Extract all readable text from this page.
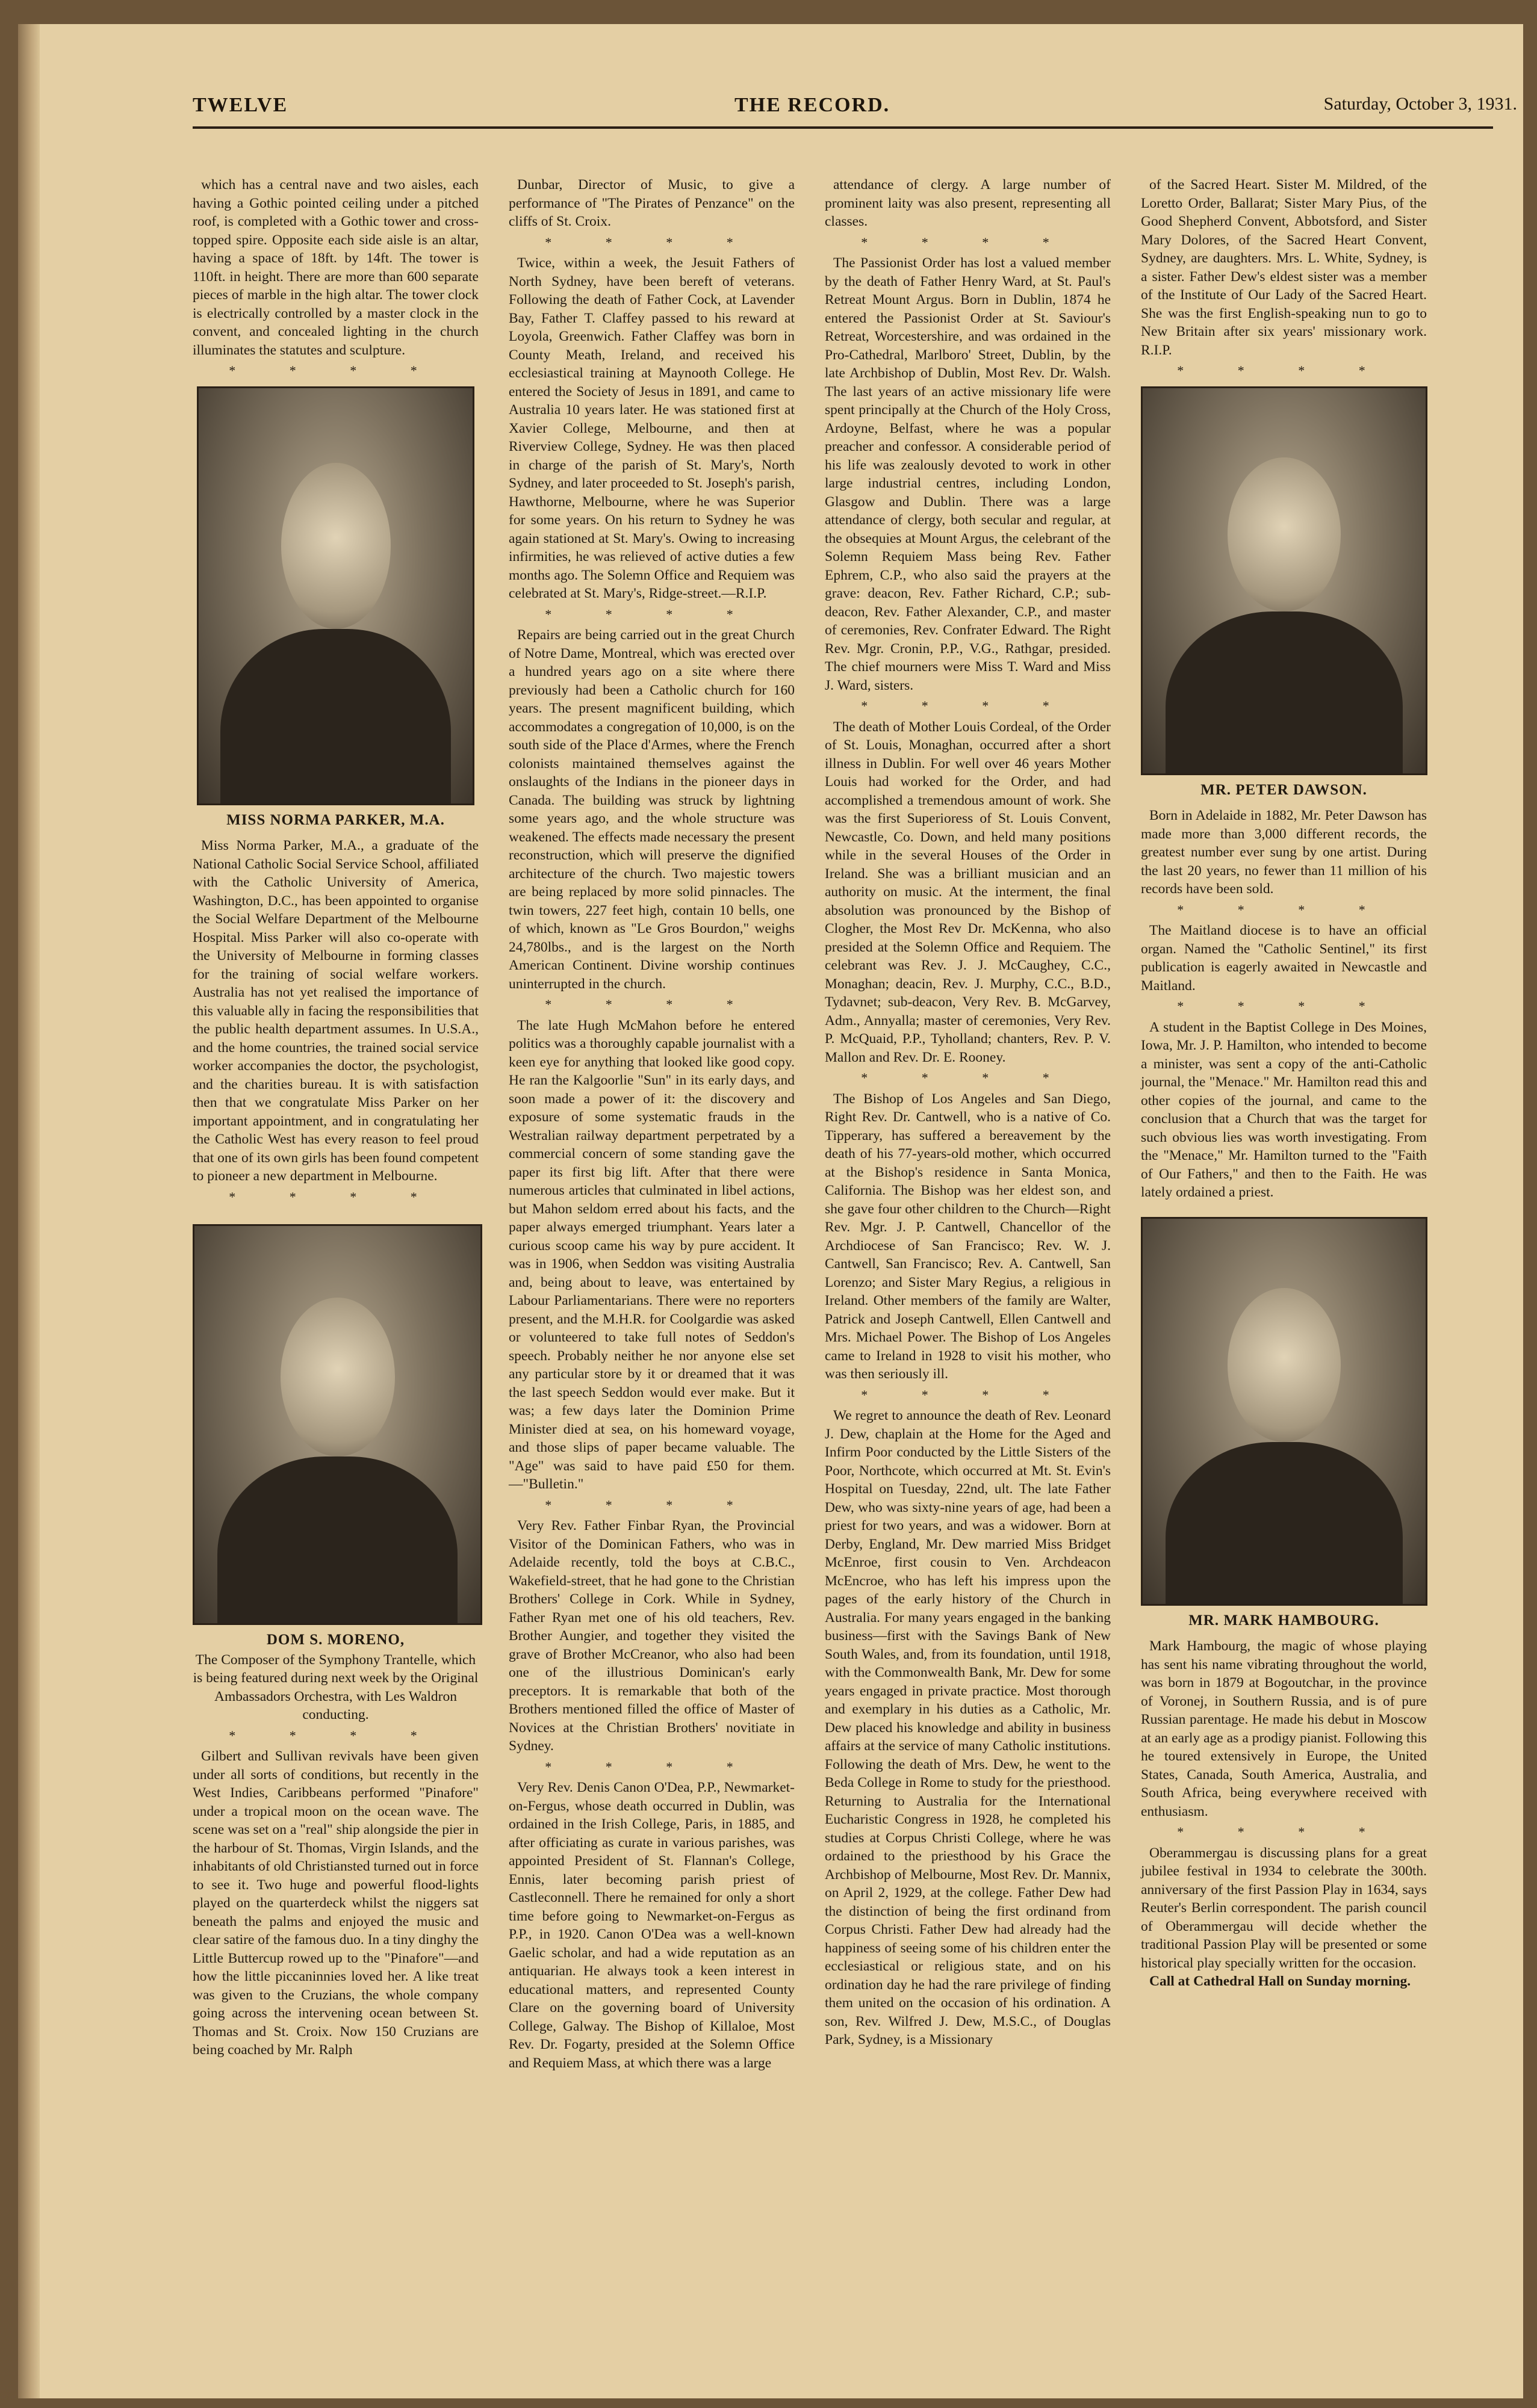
TWELVE	THE RECORD.	Saturday, October 3, 1931.

which has a central nave and two aisles, each having a Gothic pointed ceiling under a pitched roof, is completed with a Gothic tower and cross-topped spire. Opposite each side aisle is an altar, having a space of 18ft. by 14ft. The tower is 110ft. in height. There are more than 600 separate pieces of marble in the high altar. The tower clock is electrically controlled by a master clock in the convent, and concealed lighting in the church illuminates the statutes and sculpture.

* * * *
MISS NORMA PARKER, M.A.

Miss Norma Parker, M.A., a graduate of the National Catholic Social Service School, affiliated with the Catholic University of America, Washington, D.C., has been appointed to organise the Social Welfare Department of the Melbourne Hospital. Miss Parker will also co-operate with the University of Melbourne in forming classes for the training of social welfare workers. Australia has not yet realised the importance of this valuable ally in facing the responsibilities that the public health department assumes. In U.S.A., and the home countries, the trained social service worker accompanies the doctor, the psychologist, and the charities bureau. It is with satisfaction then that we congratulate Miss Parker on her important appointment, and in congratulating her the Catholic West has every reason to feel proud that one of its own girls has been found competent to pioneer a new department in Melbourne.

* * * *
DOM S. MORENO,
The Composer of the Symphony Trantelle, which is being featured during next week by the Original Ambassadors Orchestra, with Les Waldron conducting.
* * * *

Gilbert and Sullivan revivals have been given under all sorts of conditions, but recently in the West Indies, Caribbeans performed "Pinafore" under a tropical moon on the ocean wave. The scene was set on a "real" ship alongside the pier in the harbour of St. Thomas, Virgin Islands, and the inhabitants of old Christiansted turned out in force to see it. Two huge and powerful flood-lights played on the quarterdeck whilst the niggers sat beneath the palms and enjoyed the music and clear satire of the famous duo. In a tiny dinghy the Little Buttercup rowed up to the "Pinafore"—and how the little piccaninnies loved her. A like treat was given to the Cruzians, the whole company going across the intervening ocean between St. Thomas and St. Croix. Now 150 Cruzians are being coached by Mr. Ralph

Dunbar, Director of Music, to give a performance of "The Pirates of Penzance" on the cliffs of St. Croix.

* * * *

Twice, within a week, the Jesuit Fathers of North Sydney, have been bereft of veterans. Following the death of Father Cock, at Lavender Bay, Father T. Claffey passed to his reward at Loyola, Greenwich. Father Claffey was born in County Meath, Ireland, and received his ecclesiastical training at Maynooth College. He entered the Society of Jesus in 1891, and came to Australia 10 years later. He was stationed first at Xavier College, Melbourne, and then at Riverview College, Sydney. He was then placed in charge of the parish of St. Mary's, North Sydney, and later proceeded to St. Joseph's parish, Hawthorne, Melbourne, where he was Superior for some years. On his return to Sydney he was again stationed at St. Mary's. Owing to increasing infirmities, he was relieved of active duties a few months ago. The Solemn Office and Requiem was celebrated at St. Mary's, Ridge-street.—R.I.P.

* * * *

Repairs are being carried out in the great Church of Notre Dame, Montreal, which was erected over a hundred years ago on a site where there previously had been a Catholic church for 160 years. The present magnificent building, which accommodates a congregation of 10,000, is on the south side of the Place d'Armes, where the French colonists maintained themselves against the onslaughts of the Indians in the pioneer days in Canada. The building was struck by lightning some years ago, and the whole structure was weakened. The effects made necessary the present reconstruction, which will preserve the dignified architecture of the church. Two majestic towers are being replaced by more solid pinnacles. The twin towers, 227 feet high, contain 10 bells, one of which, known as "Le Gros Bourdon," weighs 24,780lbs., and is the largest on the North American Continent. Divine worship continues uninterrupted in the church.

* * * *

The late Hugh McMahon before he entered politics was a thoroughly capable journalist with a keen eye for anything that looked like good copy. He ran the Kalgoorlie "Sun" in its early days, and soon made a power of it: the discovery and exposure of some systematic frauds in the Westralian railway department perpetrated by a commercial concern of some standing gave the paper its first big lift. After that there were numerous articles that culminated in libel actions, but Mahon seldom erred about his facts, and the paper always emerged triumphant. Years later a curious scoop came his way by pure accident. It was in 1906, when Seddon was visiting Australia and, being about to leave, was entertained by Labour Parliamentarians. There were no reporters present, and the M.H.R. for Coolgardie was asked or volunteered to take full notes of Seddon's speech. Probably neither he nor anyone else set any particular store by it or dreamed that it was the last speech Seddon would ever make. But it was; a few days later the Dominion Prime Minister died at sea, on his homeward voyage, and those slips of paper became valuable. The "Age" was said to have paid £50 for them.—"Bulletin."

* * * *

Very Rev. Father Finbar Ryan, the Provincial Visitor of the Dominican Fathers, who was in Adelaide recently, told the boys at C.B.C., Wakefield-street, that he had gone to the Christian Brothers' College in Cork. While in Sydney, Father Ryan met one of his old teachers, Rev. Brother Aungier, and together they visited the grave of Brother McCreanor, who also had been one of the illustrious Dominican's early preceptors. It is remarkable that both of the Brothers mentioned filled the office of Master of Novices at the Christian Brothers' novitiate in Sydney.

* * * *

Very Rev. Denis Canon O'Dea, P.P., Newmarket-on-Fergus, whose death occurred in Dublin, was ordained in the Irish College, Paris, in 1885, and after officiating as curate in various parishes, was appointed President of St. Flannan's College, Ennis, later becoming parish priest of Castleconnell. There he remained for only a short time before going to Newmarket-on-Fergus as P.P., in 1920. Canon O'Dea was a well-known Gaelic scholar, and had a wide reputation as an antiquarian. He always took a keen interest in educational matters, and represented County Clare on the governing board of University College, Galway. The Bishop of Killaloe, Most Rev. Dr. Fogarty, presided at the Solemn Office and Requiem Mass, at which there was a large

attendance of clergy. A large number of prominent laity was also present, representing all classes.

* * * *

The Passionist Order has lost a valued member by the death of Father Henry Ward, at St. Paul's Retreat Mount Argus. Born in Dublin, 1874 he entered the Passionist Order at St. Saviour's Retreat, Worcestershire, and was ordained in the Pro-Cathedral, Marlboro' Street, Dublin, by the late Archbishop of Dublin, Most Rev. Dr. Walsh. The last years of an active missionary life were spent principally at the Church of the Holy Cross, Ardoyne, Belfast, where he was a popular preacher and confessor. A considerable period of his life was zealously devoted to work in other large industrial centres, including London, Glasgow and Dublin. There was a large attendance of clergy, both secular and regular, at the obsequies at Mount Argus, the celebrant of the Solemn Requiem Mass being Rev. Father Ephrem, C.P., who also said the prayers at the grave: deacon, Rev. Father Richard, C.P.; sub-deacon, Rev. Father Alexander, C.P., and master of ceremonies, Rev. Confrater Edward. The Right Rev. Mgr. Cronin, P.P., V.G., Rathgar, presided. The chief mourners were Miss T. Ward and Miss J. Ward, sisters.

* * * *

The death of Mother Louis Cordeal, of the Order of St. Louis, Monaghan, occurred after a short illness in Dublin. For well over 46 years Mother Louis had worked for the Order, and had accomplished a tremendous amount of work. She was the first Superioress of St. Louis Convent, Newcastle, Co. Down, and held many positions while in the several Houses of the Order in Ireland. She was a brilliant musician and an authority on music. At the interment, the final absolution was pronounced by the Bishop of Clogher, the Most Rev Dr. McKenna, who also presided at the Solemn Office and Requiem. The celebrant was Rev. J. J. McCaughey, C.C., Monaghan; deacin, Rev. J. Murphy, C.C., B.D., Tydavnet; sub-deacon, Very Rev. B. McGarvey, Adm., Annyalla; master of ceremonies, Very Rev. P. McQuaid, P.P., Tyholland; chanters, Rev. P. V. Mallon and Rev. Dr. E. Rooney.

* * * *

The Bishop of Los Angeles and San Diego, Right Rev. Dr. Cantwell, who is a native of Co. Tipperary, has suffered a bereavement by the death of his 77-years-old mother, which occurred at the Bishop's residence in Santa Monica, California. The Bishop was her eldest son, and she gave four other children to the Church—Right Rev. Mgr. J. P. Cantwell, Chancellor of the Archdiocese of San Francisco; Rev. W. J. Cantwell, San Francisco; Rev. A. Cantwell, San Lorenzo; and Sister Mary Regius, a religious in Ireland. Other members of the family are Walter, Patrick and Joseph Cantwell, Ellen Cantwell and Mrs. Michael Power. The Bishop of Los Angeles came to Ireland in 1928 to visit his mother, who was then seriously ill.

* * * *

We regret to announce the death of Rev. Leonard J. Dew, chaplain at the Home for the Aged and Infirm Poor conducted by the Little Sisters of the Poor, Northcote, which occurred at Mt. St. Evin's Hospital on Tuesday, 22nd, ult. The late Father Dew, who was sixty-nine years of age, had been a priest for two years, and was a widower. Born at Derby, England, Mr. Dew married Miss Bridget McEnroe, first cousin to Ven. Archdeacon McEncroe, who has left his impress upon the pages of the early history of the Church in Australia. For many years engaged in the banking business—first with the Savings Bank of New South Wales, and, from its foundation, until 1918, with the Commonwealth Bank, Mr. Dew for some years engaged in private practice. Most thorough and exemplary in his duties as a Catholic, Mr. Dew placed his knowledge and ability in business affairs at the service of many Catholic institutions. Following the death of Mrs. Dew, he went to the Beda College in Rome to study for the priesthood. Returning to Australia for the International Eucharistic Congress in 1928, he completed his studies at Corpus Christi College, where he was ordained to the priesthood by his Grace the Archbishop of Melbourne, Most Rev. Dr. Mannix, on April 2, 1929, at the college. Father Dew had the distinction of being the first ordinand from Corpus Christi. Father Dew had already had the happiness of seeing some of his children enter the ecclesiastical or religious state, and on his ordination day he had the rare privilege of finding them united on the occasion of his ordination. A son, Rev. Wilfred J. Dew, M.S.C., of Douglas Park, Sydney, is a Missionary

of the Sacred Heart. Sister M. Mildred, of the Loretto Order, Ballarat; Sister Mary Pius, of the Good Shepherd Convent, Abbotsford, and Sister Mary Dolores, of the Sacred Heart Convent, Sydney, are daughters. Mrs. L. White, Sydney, is a sister. Father Dew's eldest sister was a member of the Institute of Our Lady of the Sacred Heart. She was the first English-speaking nun to go to New Britain after six years' missionary work. R.I.P.

* * * *
MR. PETER DAWSON.

Born in Adelaide in 1882, Mr. Peter Dawson has made more than 3,000 different records, the greatest number ever sung by one artist. During the last 20 years, no fewer than 11 million of his records have been sold.

* * * *

The Maitland diocese is to have an official organ. Named the "Catholic Sentinel," its first publication is eagerly awaited in Newcastle and Maitland.

* * * *

A student in the Baptist College in Des Moines, Iowa, Mr. J. P. Hamilton, who intended to become a minister, was sent a copy of the anti-Catholic journal, the "Menace." Mr. Hamilton read this and other copies of the journal, and came to the conclusion that a Church that was the target for such obvious lies was worth investigating. From the "Menace," Mr. Hamilton turned to the "Faith of Our Fathers," and then to the Faith. He was lately ordained a priest.

MR. MARK HAMBOURG.

Mark Hambourg, the magic of whose playing has sent his name vibrating throughout the world, was born in 1879 at Bogoutchar, in the province of Voronej, in Southern Russia, and is of pure Russian parentage. He made his debut in Moscow at an early age as a prodigy pianist. Following this he toured extensively in Europe, the United States, Canada, South America, Australia, and South Africa, being everywhere received with enthusiasm.

* * * *

Oberammergau is discussing plans for a great jubilee festival in 1934 to celebrate the 300th. anniversary of the first Passion Play in 1634, says Reuter's Berlin correspondent. The parish council of Oberammergau will decide whether the traditional Passion Play will be presented or some historical play specially written for the occasion.

Call at Cathedral Hall on Sunday morning.
